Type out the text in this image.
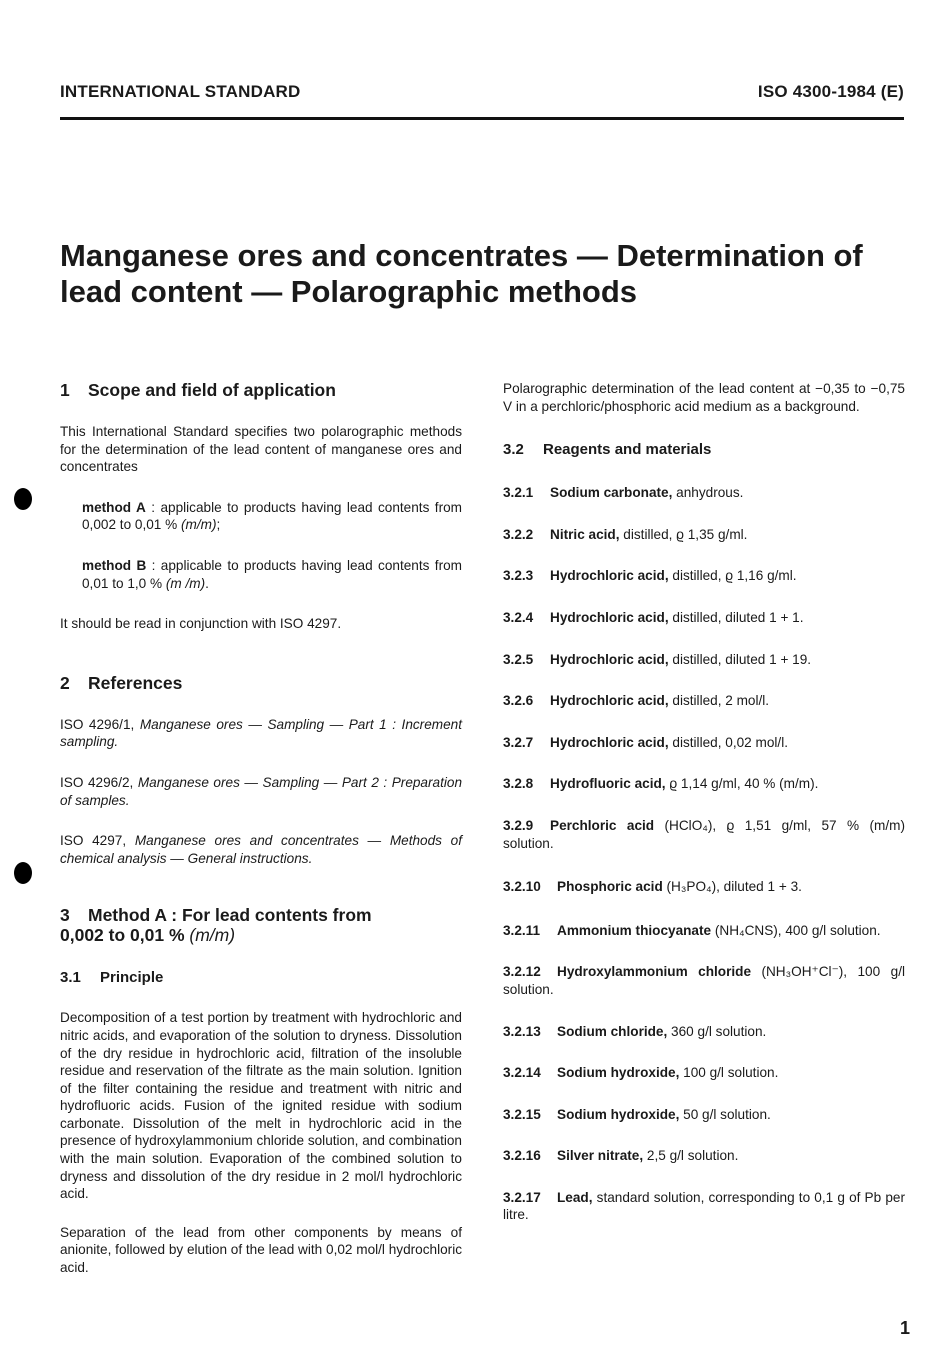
INTERNATIONAL STANDARD	ISO 4300-1984 (E)
Manganese ores and concentrates — Determination of lead content — Polarographic methods
1	Scope and field of application

This International Standard specifies two polarographic methods for the determination of the lead content of manganese ores and concentrates

method A : applicable to products having lead contents from 0,002 to 0,01 % (m/m);

method B : applicable to products having lead contents from 0,01 to 1,0 % (m /m).

It should be read in conjunction with ISO 4297.

2	References

ISO 4296/1, Manganese ores — Sampling — Part 1 : Increment sampling.

ISO 4296/2, Manganese ores — Sampling — Part 2 : Preparation of samples.

ISO 4297, Manganese ores and concentrates — Methods of chemical analysis — General instructions.

3	Method A : For lead contents from
0,002 to 0,01 % (m/m)
3.1 Principle

Decomposition of a test portion by treatment with hydrochloric and nitric acids, and evaporation of the solution to dryness. Dissolution of the dry residue in hydrochloric acid, filtration of the insoluble residue and reservation of the filtrate as the main solution. Ignition of the filter containing the residue and treatment with nitric and hydrofluoric acids. Fusion of the ignited residue with sodium carbonate. Dissolution of the melt in hydrochloric acid in the presence of hydroxylammonium chloride solution, and combination with the main solution. Evaporation of the combined solution to dryness and dissolution of the dry residue in 2 mol/l hydrochloric acid.

Separation of the lead from other components by means of anionite, followed by elution of the lead with 0,02 mol/l hydrochloric acid.

Polarographic determination of the lead content at −0,35 to −0,75 V in a perchloric/phosphoric acid medium as a background.

3.2 Reagents and materials
3.2.1 Sodium carbonate, anhydrous.
3.2.2 Nitric acid, distilled, ϱ 1,35 g/ml.
3.2.3 Hydrochloric acid, distilled, ϱ 1,16 g/ml.
3.2.4 Hydrochloric acid, distilled, diluted 1 + 1.
3.2.5 Hydrochloric acid, distilled, diluted 1 + 19.
3.2.6 Hydrochloric acid, distilled, 2 mol/l.
3.2.7 Hydrochloric acid, distilled, 0,02 mol/l.
3.2.8 Hydrofluoric acid, ϱ 1,14 g/ml, 40 % (m/m).
3.2.9 Perchloric acid (HClO₄), ϱ 1,51 g/ml, 57 % (m/m) solution.
3.2.10 Phosphoric acid (H₃PO₄), diluted 1 + 3.
3.2.11 Ammonium thiocyanate (NH₄CNS), 400 g/l solution.
3.2.12 Hydroxylammonium chloride (NH₃OH⁺Cl⁻), 100 g/l solution.
3.2.13 Sodium chloride, 360 g/l solution.
3.2.14 Sodium hydroxide, 100 g/l solution.
3.2.15 Sodium hydroxide, 50 g/l solution.
3.2.16 Silver nitrate, 2,5 g/l solution.
3.2.17 Lead, standard solution, corresponding to 0,1 g of Pb per litre.
1
